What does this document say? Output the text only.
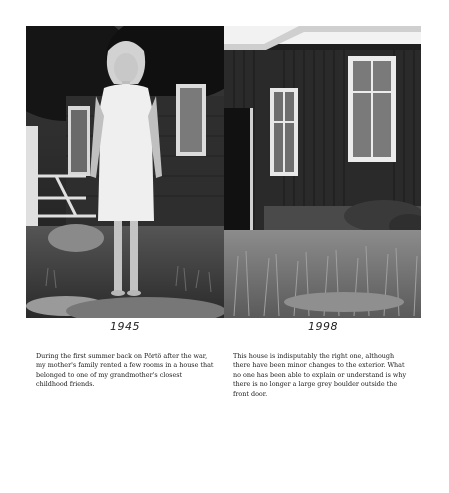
1945	1998
During the first summer back on Pörtö after the war, my mother's family rented a few rooms in a house that belonged to one of my grandmother's closest childhood friends.
This house is indisputably the right one, although there have been minor changes to the exterior. What no one has been able to explain or understand is why there is no longer a large grey boulder outside the front door.
